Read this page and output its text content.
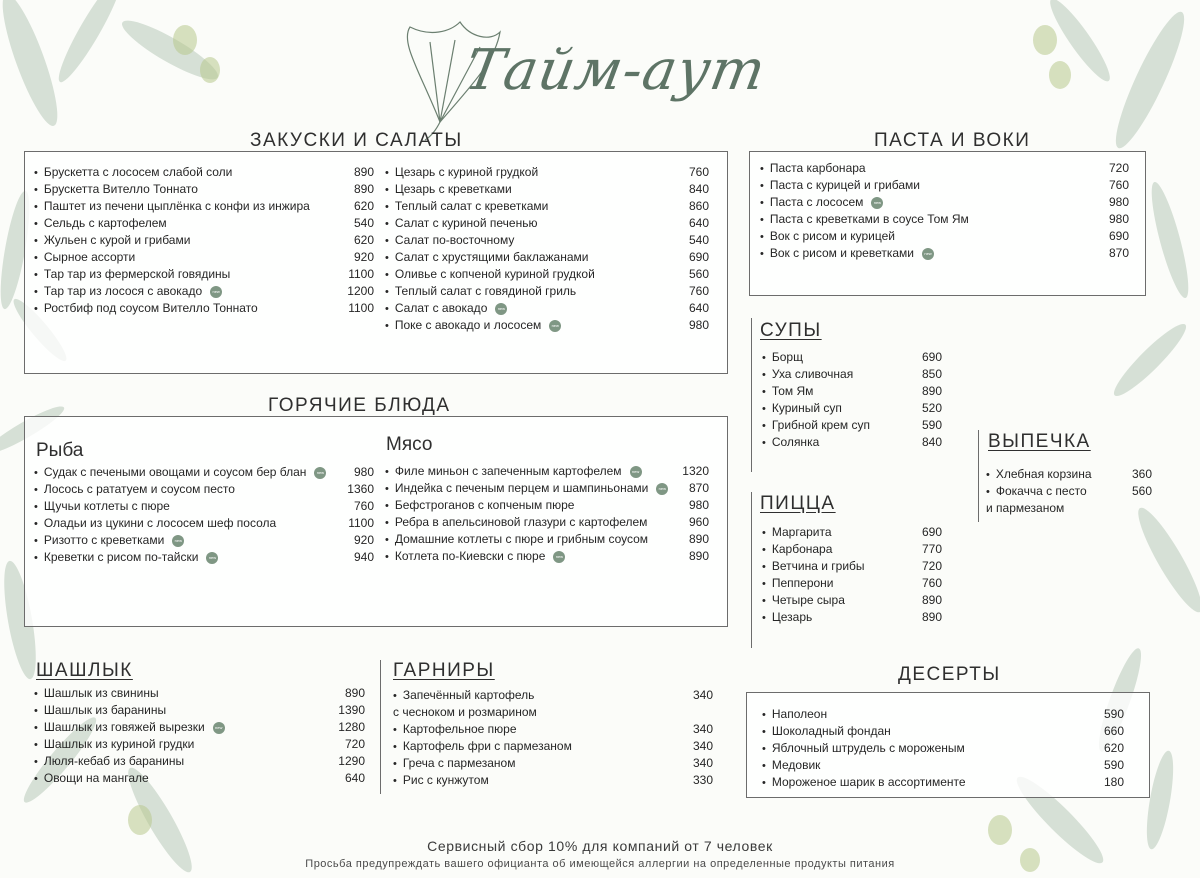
Тайм-аут
ЗАКУСКИ И САЛАТЫ
• Брускетта с лососем слабой соли	890
• Брускетта Вителло Тоннато	890
• Паштет из печени цыплёнка с конфи из инжира	620
• Сельдь с картофелем	540
• Жульен с курой и грибами	620
• Сырное ассорти	920
• Тар тар из фермерской говядины	1100
• Тар тар из лосося с авокадо	new	1200
• Ростбиф под соусом Вителло Тоннато	1100
• Цезарь с куриной грудкой	760
• Цезарь с креветками	840
• Теплый салат с креветками	860
• Салат с куриной печенью	640
• Салат по-восточному	540
• Салат с хрустящими баклажанами	690
• Оливье с копченой куриной грудкой	560
• Теплый салат с говядиной гриль	760
• Салат с авокадо	new	640
• Поке с авокадо и лососем	new	980
ГОРЯЧИЕ БЛЮДА
Рыба	Мясо
• Судак с печеными овощами и соусом бер блан	new 980
• Лосось с рататуем и соусом песто	1360
• Щучьи котлеты с пюре	760
• Оладьи из цукини с лососем шеф посола	1100
• Ризотто с креветками	new	920
• Креветки с рисом по-тайски	new	940
• Филе миньон с запеченным картофелем	new	1320
• Индейка с печеным перцем и шампиньонами	new 870
• Бефстроганов с копченым пюре	980
• Ребра в апельсиновой глазури с картофелем	960
• Домашние котлеты с пюре и грибным соусом	890
• Котлета по-Киевски с пюре	new	890
ШАШЛЫК
• Шашлык из свинины	890
• Шашлык из баранины	1390
• Шашлык из говяжей вырезки	new	1280
• Шашлык из куриной грудки	720
• Люля-кебаб из баранины	1290
• Овощи на мангале	640
ГАРНИРЫ
• Запечённый картофель	340
с чесноком и розмарином
• Картофельное пюре	340
• Картофель фри с пармезаном	340
• Греча с пармезаном	340
• Рис с кунжутом	330
ПАСТА И ВОКИ
• Паста карбонара	720
• Паста с курицей и грибами	760
• Паста с лососем	new	980
• Паста с креветками в соусе Том Ям	980
• Вок с рисом и курицей	690
• Вок с рисом и креветками	new	870
СУПЫ
• Борщ	690
• Уха сливочная	850
• Том Ям	890
• Куриный суп	520
• Грибной крем суп	590
• Солянка	840
ПИЦЦА
• Маргарита	690
• Карбонара	770
• Ветчина и грибы	720
• Пепперони	760
• Четыре сыра	890
• Цезарь	890
ВЫПЕЧКА
• Хлебная корзина	360
• Фокачча с песто	560
и пармезаном
ДЕСЕРТЫ
• Наполеон	590
• Шоколадный фондан	660
• Яблочный штрудель с мороженым	620
• Медовик	590
• Мороженое шарик в ассортименте	180
Сервисный сбор 10% для компаний от 7 человек
Просьба предупреждать вашего официанта об имеющейся аллергии на определенные продукты питания
